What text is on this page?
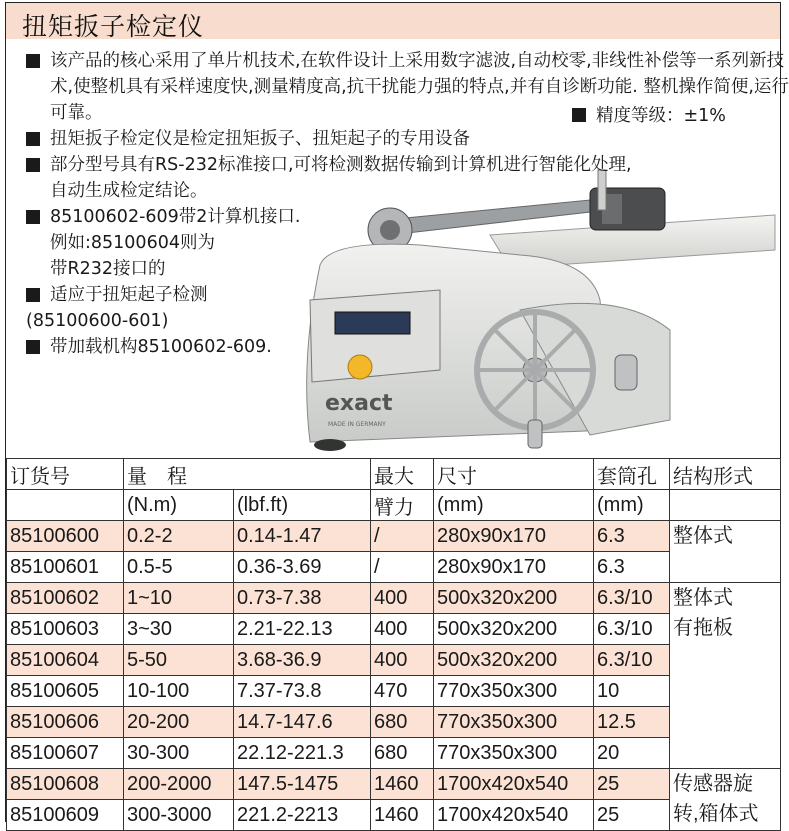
扭矩扳子检定仪
exact
MADE IN GERMANY
该产品的核心采用了单片机技术,在软件设计上采用数字滤波,自动校零,非线性补偿等一系列新技术,使整机具有采样速度快,测量精度高,抗干扰能力强的特点,并有自诊断功能. 整机操作简便,运行可靠。
扭矩扳子检定仪是检定扭矩扳子、扭矩起子的专用设备
部分型号具有RS-232标准接口,可将检测数据传输到计算机进行智能化处理,自动生成检定结论。
85100602-609带2计算机接口.
例如:85100604则为
带R232接口的
适应于扭矩起子检测
(85100600-601)
带加载机构85100602-609.
精度等级：±1%
订货号	量　程		最大	尺寸	套筒孔	结构形式
	(N.m)	(lbf.ft)	臂力	(mm)	(mm)	
85100600	0.2-2	0.14-1.47	/	280x90x170	6.3	整体式
85100601	0.5-5	0.36-3.69	/	280x90x170	6.3	
85100602	1~10	0.73-7.38	400	500x320x200	6.3/10	整体式
有拖板
85100603	3~30	2.21-22.13	400	500x320x200	6.3/10	
85100604	5-50	3.68-36.9	400	500x320x200	6.3/10	
85100605	10-100	7.37-73.8	470	770x350x300	10	
85100606	20-200	14.7-147.6	680	770x350x300	12.5	
85100607	30-300	22.12-221.3	680	770x350x300	20	
85100608	200-2000	147.5-1475	1460	1700x420x540	25	传感器旋
转,箱体式
85100609	300-3000	221.2-2213	1460	1700x420x540	25	
